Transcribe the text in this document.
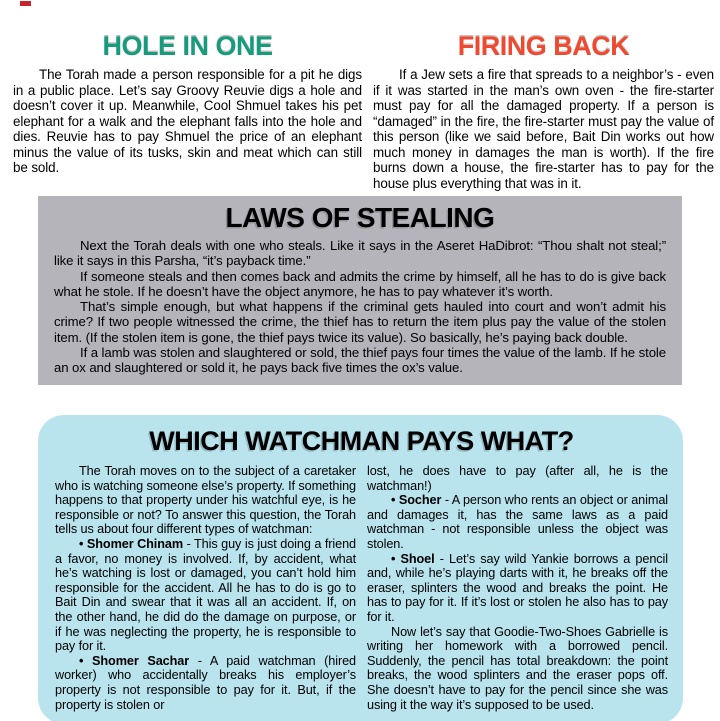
HOLE IN ONE

The Torah made a person responsible for a pit he digs in a public place. Let’s say Groovy Reuvie digs a hole and doesn’t cover it up. Meanwhile, Cool Shmuel takes his pet elephant for a walk and the elephant falls into the hole and dies. Reuvie has to pay Shmuel the price of an elephant minus the value of its tusks, skin and meat which can still be sold.

FIRING BACK

If a Jew sets a fire that spreads to a neighbor’s - even if it was started in the man’s own oven - the fire-starter must pay for all the damaged property. If a person is “damaged” in the fire, the fire-starter must pay the value of this person (like we said before, Bait Din works out how much money in damages the man is worth). If the fire burns down a house, the fire-starter has to pay for the house plus everything that was in it.

LAWS OF STEALING

Next the Torah deals with one who steals. Like it says in the Aseret HaDibrot: “Thou shalt not steal;” like it says in this Parsha, “it’s payback time.”

If someone steals and then comes back and admits the crime by himself, all he has to do is give back what he stole. If he doesn’t have the object anymore, he has to pay whatever it’s worth.

That’s simple enough, but what happens if the criminal gets hauled into court and won’t admit his crime? If two people witnessed the crime, the thief has to return the item plus pay the value of the stolen item. (If the stolen item is gone, the thief pays twice its value). So basically, he’s paying back double.

If a lamb was stolen and slaughtered or sold, the thief pays four times the value of the lamb. If he stole an ox and slaughtered or sold it, he pays back five times the ox’s value.

WHICH WATCHMAN PAYS WHAT?

The Torah moves on to the subject of a caretaker who is watching someone else’s property. If something happens to that property under his watchful eye, is he responsible or not? To answer this question, the Torah tells us about four different types of watchman:

• Shomer Chinam - This guy is just doing a friend a favor, no money is involved. If, by accident, what he’s watching is lost or damaged, you can’t hold him responsible for the accident. All he has to do is go to Bait Din and swear that it was all an accident. If, on the other hand, he did do the damage on purpose, or if he was neglecting the property, he is responsible to pay for it.

• Shomer Sachar - A paid watchman (hired worker) who accidentally breaks his employer’s property is not responsible to pay for it. But, if the property is stolen or

lost, he does have to pay (after all, he is the watchman!)

• Socher - A person who rents an object or animal and damages it, has the same laws as a paid watchman - not responsible unless the object was stolen.

• Shoel - Let’s say wild Yankie borrows a pencil and, while he’s playing darts with it, he breaks off the eraser, splinters the wood and breaks the point. He has to pay for it. If it’s lost or stolen he also has to pay for it.

Now let’s say that Goodie-Two-Shoes Gabrielle is writing her homework with a borrowed pencil. Suddenly, the pencil has total breakdown: the point breaks, the wood splinters and the eraser pops off. She doesn’t have to pay for the pencil since she was using it the way it’s supposed to be used.
